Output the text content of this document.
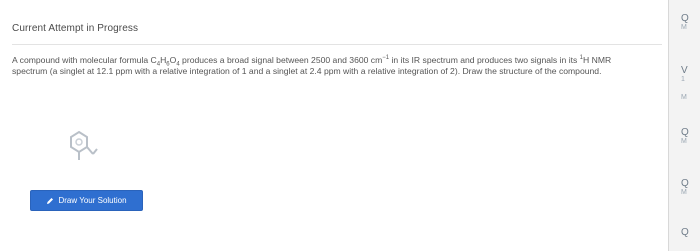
Current Attempt in Progress
A compound with molecular formula $C_4H_6O_4$ produces a broad signal between 2500 and 3600 $cm^{-1}$ in its IR spectrum and produces two signals in its $^1$H NMR spectrum (a singlet at 12.1 ppm with a relative integration of 1 and a singlet at 2.4 ppm with a relative integration of 2). Draw the structure of the compound.
Draw Your Solution
Q
M
V
1
M
Q
M
Q
M
Q
